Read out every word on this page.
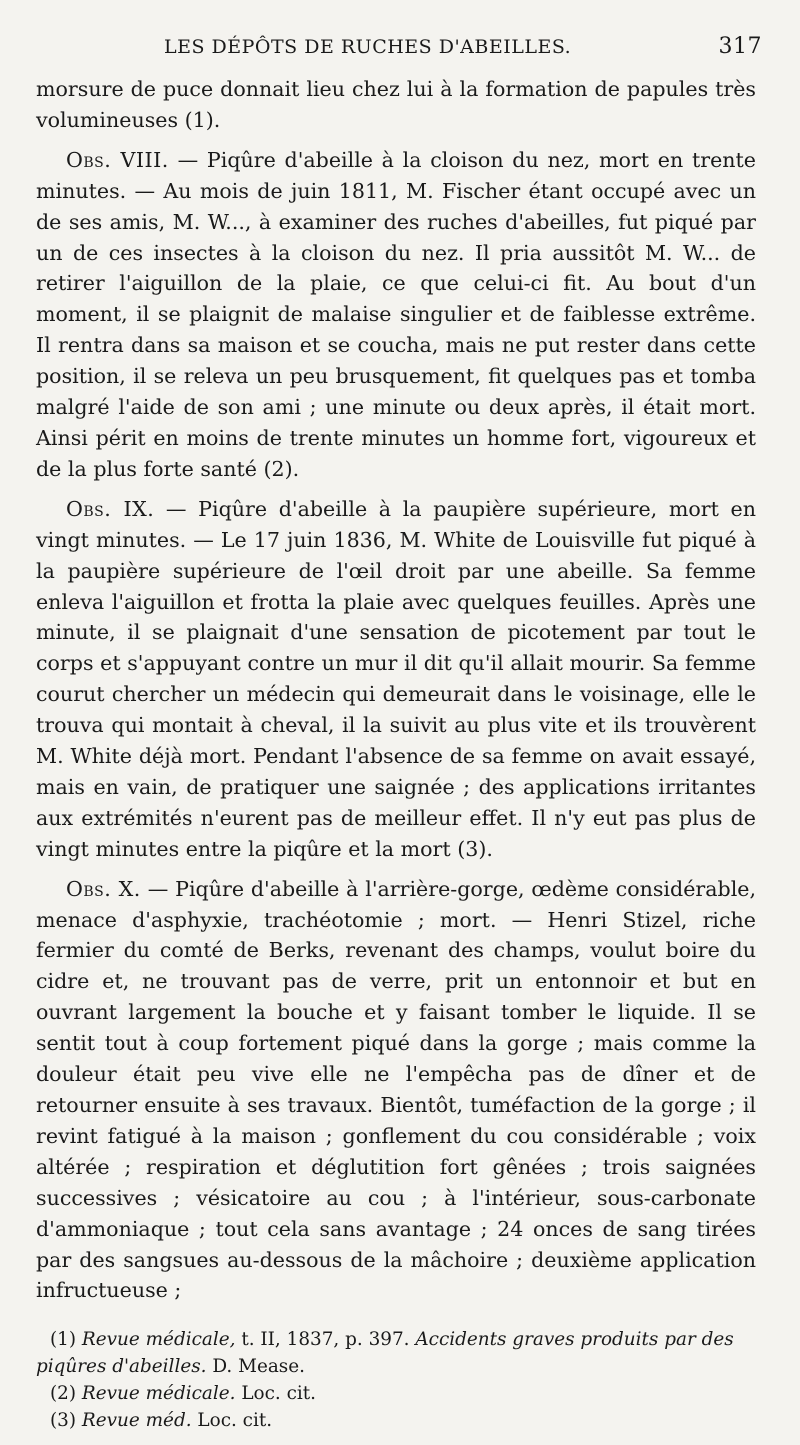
LES DÉPÔTS DE RUCHES D'ABEILLES.	317

morsure de puce donnait lieu chez lui à la formation de papules très volumineuses (1).

Obs. VIII. — Piqûre d'abeille à la cloison du nez, mort en trente minutes. — Au mois de juin 1811, M. Fischer étant occupé avec un de ses amis, M. W..., à examiner des ruches d'abeilles, fut piqué par un de ces insectes à la cloison du nez. Il pria aussitôt M. W... de retirer l'aiguillon de la plaie, ce que celui-ci fit. Au bout d'un moment, il se plaignit de malaise singulier et de faiblesse extrême. Il rentra dans sa maison et se coucha, mais ne put rester dans cette position, il se releva un peu brusquement, fit quelques pas et tomba malgré l'aide de son ami ; une minute ou deux après, il était mort. Ainsi périt en moins de trente minutes un homme fort, vigoureux et de la plus forte santé (2).

Obs. IX. — Piqûre d'abeille à la paupière supérieure, mort en vingt minutes. — Le 17 juin 1836, M. White de Louisville fut piqué à la paupière supérieure de l'œil droit par une abeille. Sa femme enleva l'aiguillon et frotta la plaie avec quelques feuilles. Après une minute, il se plaignait d'une sensation de picotement par tout le corps et s'appuyant contre un mur il dit qu'il allait mourir. Sa femme courut chercher un médecin qui demeurait dans le voisinage, elle le trouva qui montait à cheval, il la suivit au plus vite et ils trouvèrent M. White déjà mort. Pendant l'absence de sa femme on avait essayé, mais en vain, de pratiquer une saignée ; des applications irritantes aux extrémités n'eurent pas de meilleur effet. Il n'y eut pas plus de vingt minutes entre la piqûre et la mort (3).

Obs. X. — Piqûre d'abeille à l'arrière-gorge, œdème considérable, menace d'asphyxie, trachéotomie ; mort. — Henri Stizel, riche fermier du comté de Berks, revenant des champs, voulut boire du cidre et, ne trouvant pas de verre, prit un entonnoir et but en ouvrant largement la bouche et y faisant tomber le liquide. Il se sentit tout à coup fortement piqué dans la gorge ; mais comme la douleur était peu vive elle ne l'empêcha pas de dîner et de retourner ensuite à ses travaux. Bientôt, tuméfaction de la gorge ; il revint fatigué à la maison ; gonflement du cou considérable ; voix altérée ; respiration et déglutition fort gênées ; trois saignées successives ; vésicatoire au cou ; à l'intérieur, sous-carbonate d'ammoniaque ; tout cela sans avantage ; 24 onces de sang tirées par des sangsues au-dessous de la mâchoire ; deuxième application infructueuse ;

(1) Revue médicale, t. II, 1837, p. 397. Accidents graves produits par des piqûres d'abeilles. D. Mease.

(2) Revue médicale. Loc. cit.

(3) Revue méd. Loc. cit.
